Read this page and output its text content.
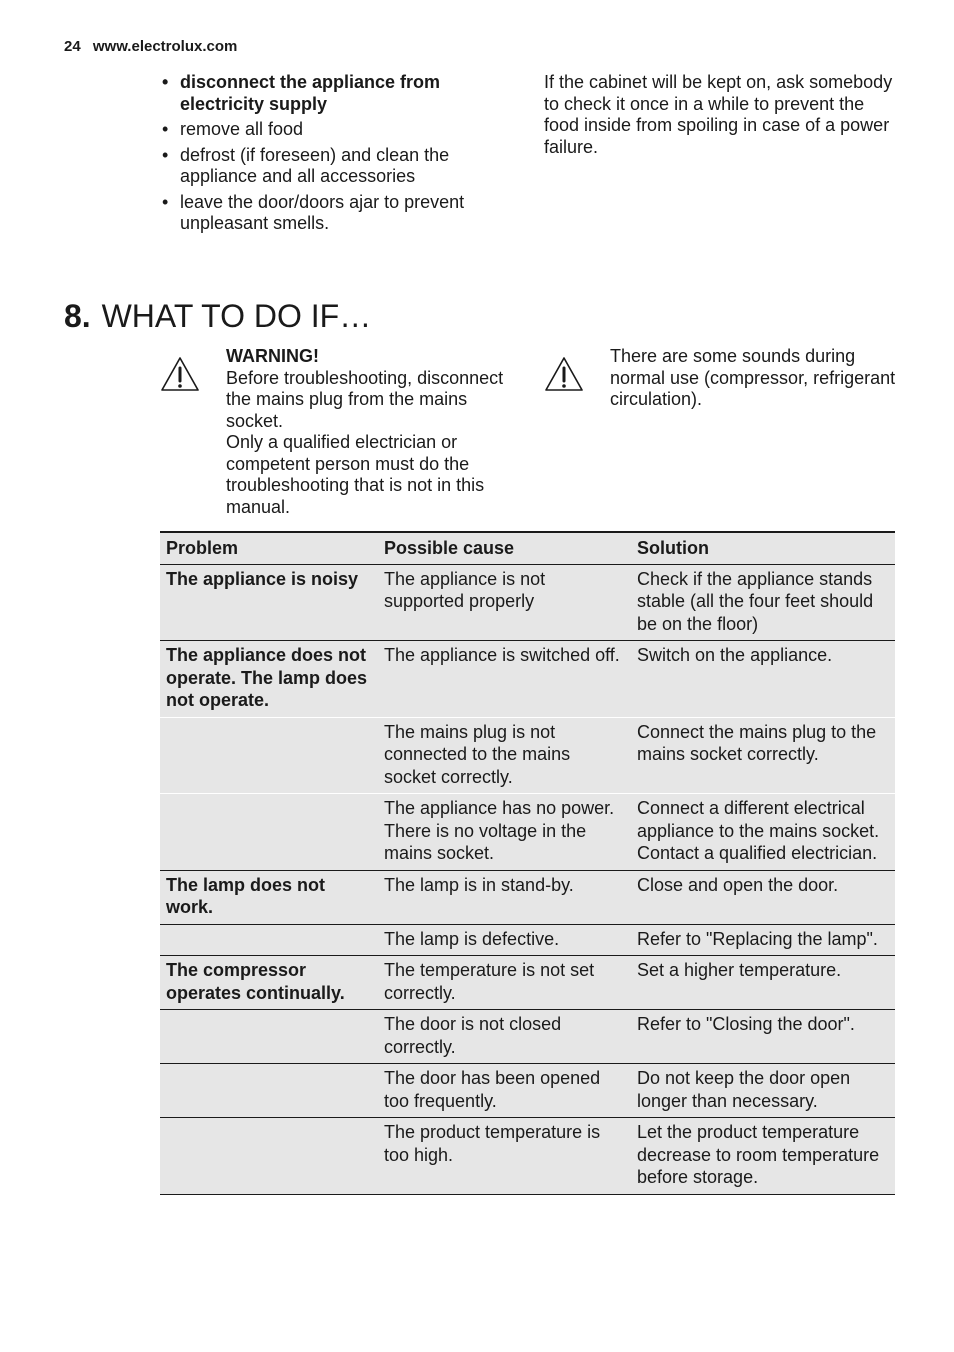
24 www.electrolux.com
• disconnect the appliance from electricity supply
• remove all food
• defrost (if foreseen) and clean the appliance and all accessories
• leave the door/doors ajar to prevent unpleasant smells.
If the cabinet will be kept on, ask somebody to check it once in a while to prevent the food inside from spoiling in case of a power failure.
8. WHAT TO DO IF…
WARNING!
Before troubleshooting, disconnect the mains plug from the mains socket.
Only a qualified electrician or competent person must do the troubleshooting that is not in this manual.
There are some sounds during normal use (compressor, refrigerant circulation).
Problem	Possible cause	Solution
The appliance is noisy	The appliance is not supported properly	Check if the appliance stands stable (all the four feet should be on the floor)
The appliance does not operate. The lamp does not operate.	The appliance is switched off.	Switch on the appliance.
	The mains plug is not connected to the mains socket correctly.	Connect the mains plug to the mains socket correctly.
	The appliance has no power. There is no voltage in the mains socket.	Connect a different electrical appliance to the mains socket.
Contact a qualified electrician.

The lamp does not work.	The lamp is in stand-by.	Close and open the door.
	The lamp is defective.	Refer to "Replacing the lamp".
The compressor operates continually.	The temperature is not set correctly.	Set a higher temperature.
	The door is not closed correctly.	Refer to "Closing the door".
	The door has been opened too frequently.	Do not keep the door open longer than necessary.
	The product temperature is too high.	Let the product temperature decrease to room temperature before storage.
